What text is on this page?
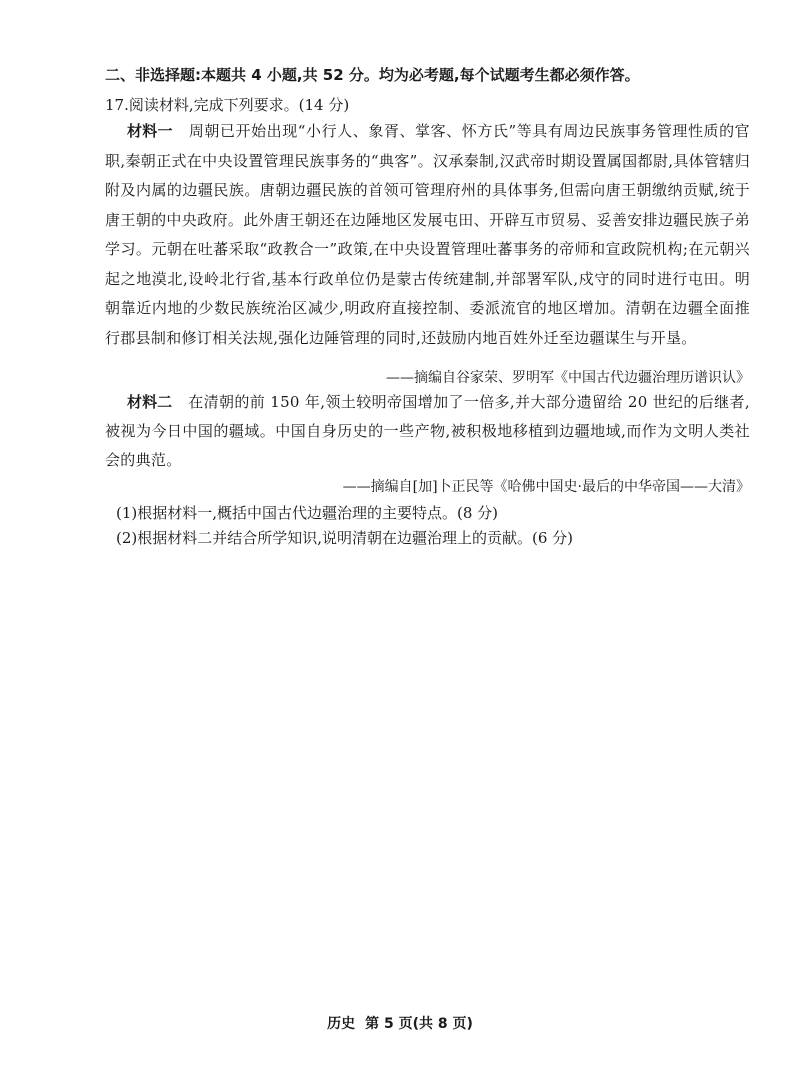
二、非选择题:本题共 4 小题,共 52 分。均为必考题,每个试题考生都必须作答。
17.阅读材料,完成下列要求。(14 分)
材料一 周朝已开始出现“小行人、象胥、掌客、怀方氏”等具有周边民族事务管理性质的官职,秦朝正式在中央设置管理民族事务的“典客”。汉承秦制,汉武帝时期设置属国都尉,具体管辖归附及内属的边疆民族。唐朝边疆民族的首领可管理府州的具体事务,但需向唐王朝缴纳贡赋,统于唐王朝的中央政府。此外唐王朝还在边陲地区发展屯田、开辟互市贸易、妥善安排边疆民族子弟学习。元朝在吐蕃采取“政教合一”政策,在中央设置管理吐蕃事务的帝师和宣政院机构;在元朝兴起之地漠北,设岭北行省,基本行政单位仍是蒙古传统建制,并部署军队,戍守的同时进行屯田。明朝靠近内地的少数民族统治区减少,明政府直接控制、委派流官的地区增加。清朝在边疆全面推行郡县制和修订相关法规,强化边陲管理的同时,还鼓励内地百姓外迁至边疆谋生与开垦。
——摘编自谷家荣、罗明军《中国古代边疆治理历谱识认》
材料二 在清朝的前 150 年,领土较明帝国增加了一倍多,并大部分遗留给 20 世纪的后继者,被视为今日中国的疆域。中国自身历史的一些产物,被积极地移植到边疆地域,而作为文明人类社会的典范。
——摘编自[加]卜正民等《哈佛中国史·最后的中华帝国——大清》
(1)根据材料一,概括中国古代边疆治理的主要特点。(8 分)
(2)根据材料二并结合所学知识,说明清朝在边疆治理上的贡献。(6 分)
历史 第 5 页(共 8 页)
